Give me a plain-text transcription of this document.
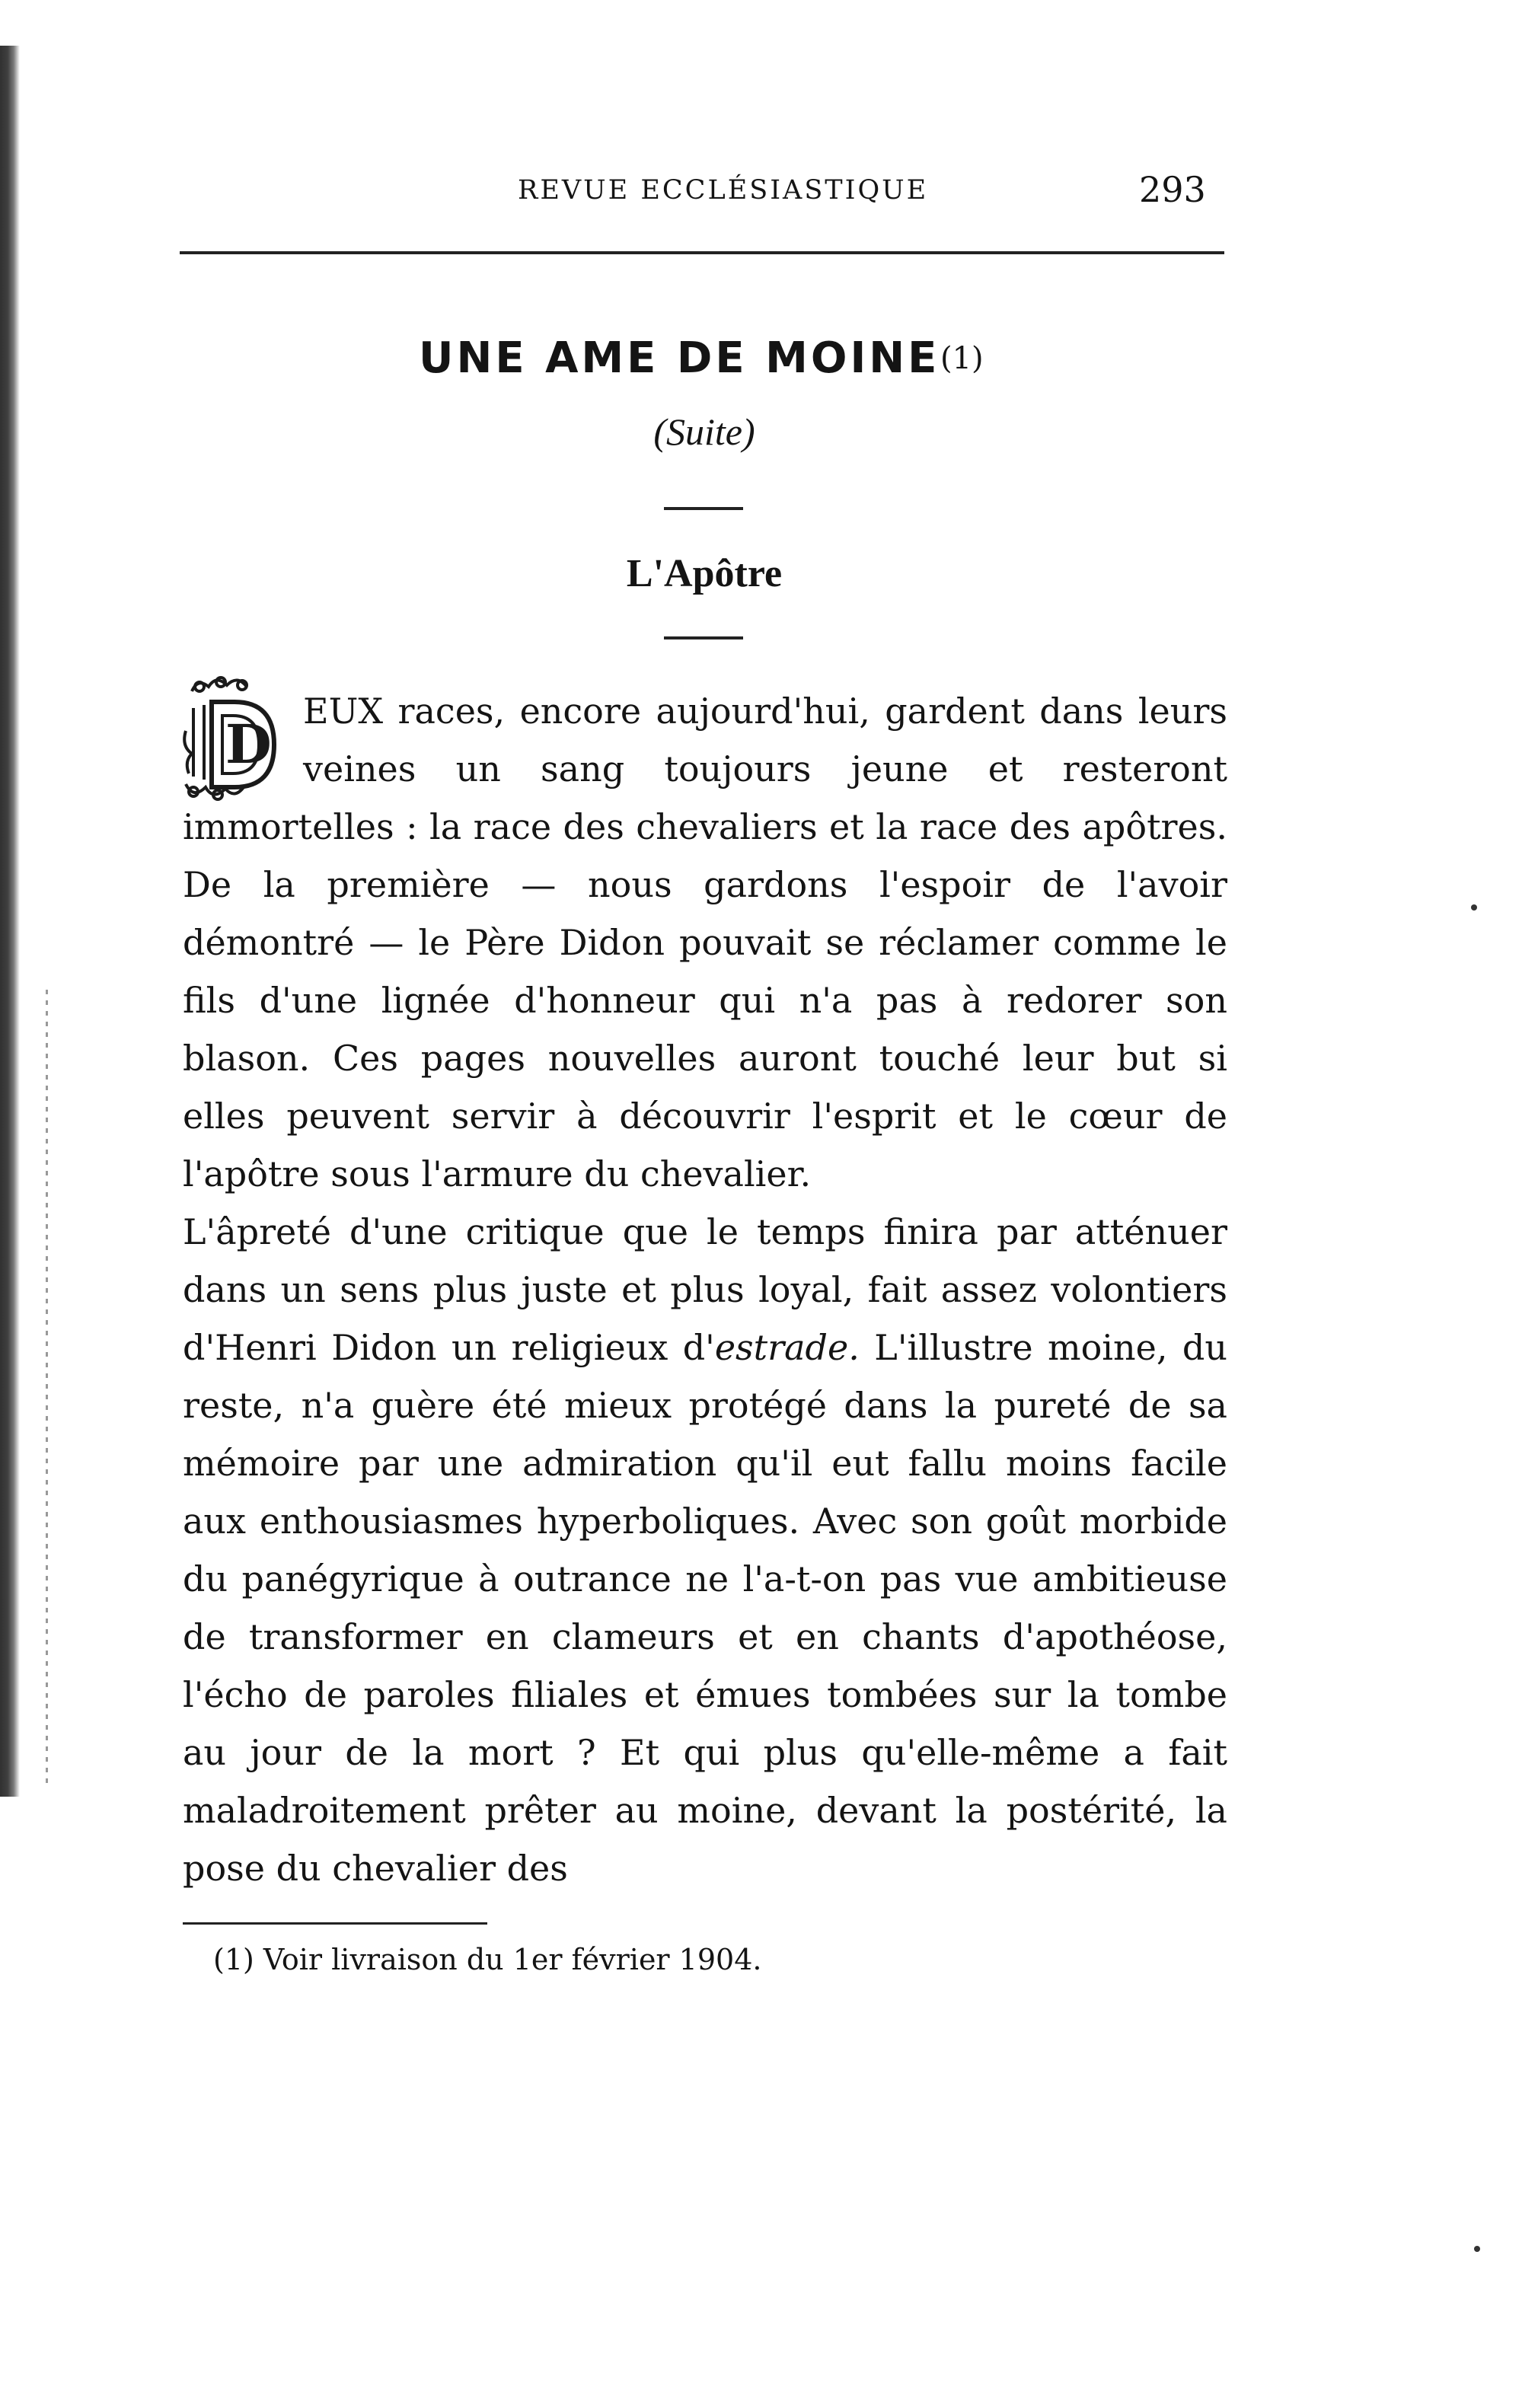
REVUE ECCLÉSIASTIQUE	293
UNE AME DE MOINE (1)
(Suite)
L'Apôtre
D
EUX races, encore aujourd'hui, gardent dans leurs veines un sang toujours jeune et resteront immortelles : la race des chevaliers et la race des apôtres. De la première — nous gardons l'espoir de l'avoir démontré — le Père Didon pouvait se réclamer comme le fils d'une lignée d'honneur qui n'a pas à redorer son blason. Ces pages nouvelles auront touché leur but si elles peuvent servir à découvrir l'esprit et le cœur de l'apôtre sous l'armure du chevalier.
L'âpreté d'une critique que le temps finira par atténuer dans un sens plus juste et plus loyal, fait assez volontiers d'Henri Didon un religieux d'estrade. L'illustre moine, du reste, n'a guère été mieux protégé dans la pureté de sa mémoire par une admiration qu'il eut fallu moins facile aux enthousiasmes hyperboliques. Avec son goût morbide du panégyrique à outrance ne l'a-t-on pas vue ambitieuse de transformer en clameurs et en chants d'apothéose, l'écho de paroles filiales et émues tombées sur la tombe au jour de la mort ? Et qui plus qu'elle-même a fait maladroitement prêter au moine, devant la postérité, la pose du chevalier des
(1) Voir livraison du 1er février 1904.
